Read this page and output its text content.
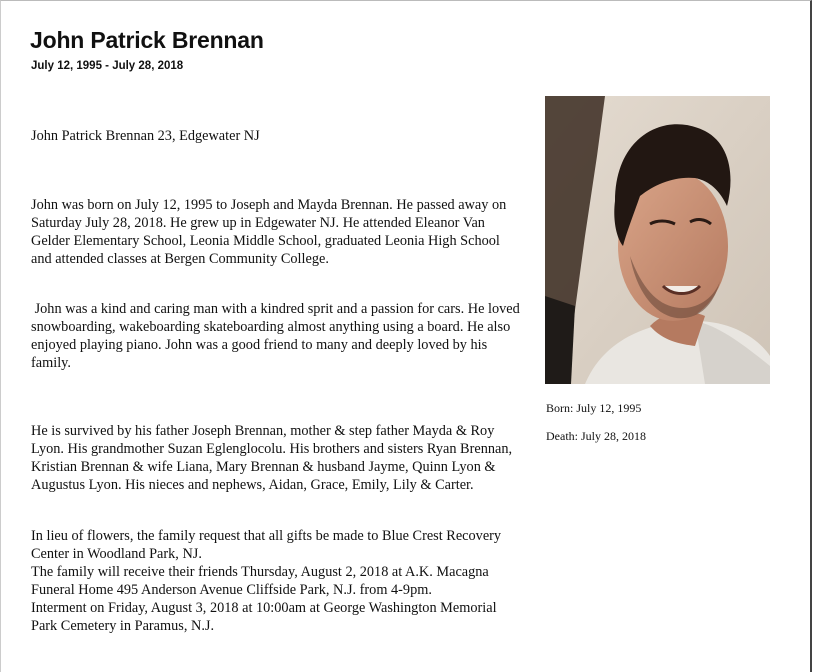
John Patrick Brennan
July 12, 1995 - July 28, 2018

John Patrick Brennan 23, Edgewater NJ

John was born on July 12, 1995 to Joseph and Mayda Brennan. He passed away on Saturday July 28, 2018. He grew up in Edgewater NJ. He attended Eleanor Van Gelder Elementary School, Leonia Middle School, graduated Leonia High School and attended classes at Bergen Community College.

John was a kind and caring man with a kindred sprit and a passion for cars. He loved snowboarding, wakeboarding skateboarding almost anything using a board. He also enjoyed playing piano. John was a good friend to many and deeply loved by his family.

He is survived by his father Joseph Brennan, mother & step father Mayda & Roy Lyon. His grandmother Suzan Eglenglocolu. His brothers and sisters Ryan Brennan, Kristian Brennan & wife Liana, Mary Brennan & husband Jayme, Quinn Lyon & Augustus Lyon. His nieces and nephews, Aidan, Grace, Emily, Lily & Carter.

In lieu of flowers, the family request that all gifts be made to Blue Crest Recovery Center in Woodland Park, NJ.
The family will receive their friends Thursday, August 2, 2018 at A.K. Macagna Funeral Home 495 Anderson Avenue Cliffside Park, N.J. from 4-9pm.
Interment on Friday, August 3, 2018 at 10:00am at George Washington Memorial Park Cemetery in Paramus, N.J.
Born: July 12, 1995
Death: July 28, 2018
